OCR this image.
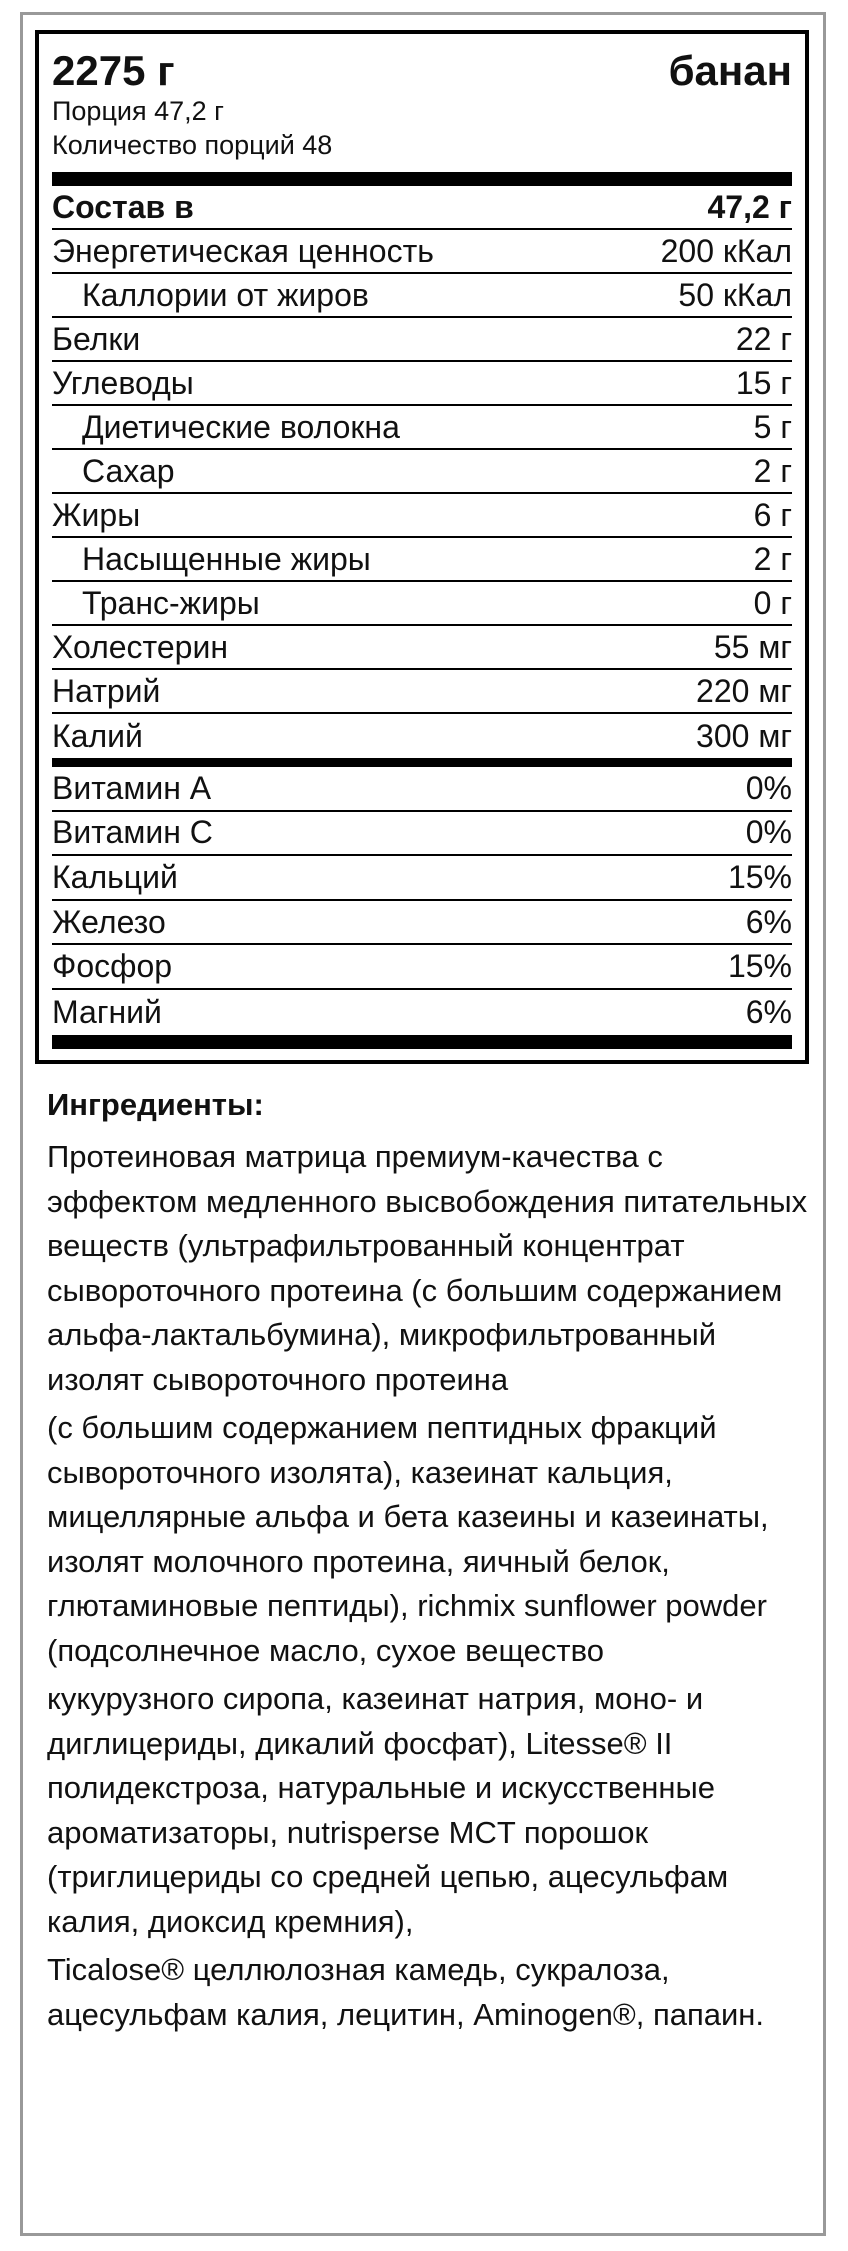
2275 г	банан
Порция 47,2 г
Количество порций 48
Состав в	47,2 г
Энергетическая ценность	200 кКал
Каллории от жиров	50 кКал
Белки	22 г
Углеводы	15 г
Диетические волокна	5 г
Сахар	2 г
Жиры	6 г
Насыщенные жиры	2 г
Транс-жиры	0 г
Холестерин	55 мг
Натрий	220 мг
Калий	300 мг
Витамин А	0%
Витамин С	0%
Кальций	15%
Железо	6%
Фосфор	15%
Магний	6%
Ингредиенты:

Протеиновая матрица премиум-качества с эффектом медленного высвобождения питательных веществ (ультрафильтрованный концентрат сывороточного протеина (с большим содержанием альфа-лактальбумина), микрофильтрованный изолят сывороточного протеина

(с большим содержанием пептидных фракций сывороточного изолята), казеинат кальция, мицеллярные альфа и бета казеины и казеинаты, изолят молочного протеина, яичный белок, глютаминовые пептиды), richmix sunflower powder (подсолнечное масло, сухое вещество

кукурузного сиропа, казеинат натрия, моно- и диглицериды, дикалий фосфат), Litesse® II полидекстроза, натуральные и искусственные ароматизаторы, nutrisperse MCT порошок (триглицериды со средней цепью, ацесульфам калия, диоксид кремния),

Ticalose® целлюлозная камедь, сукралоза, ацесульфам калия, лецитин, Aminogen®, папаин.
